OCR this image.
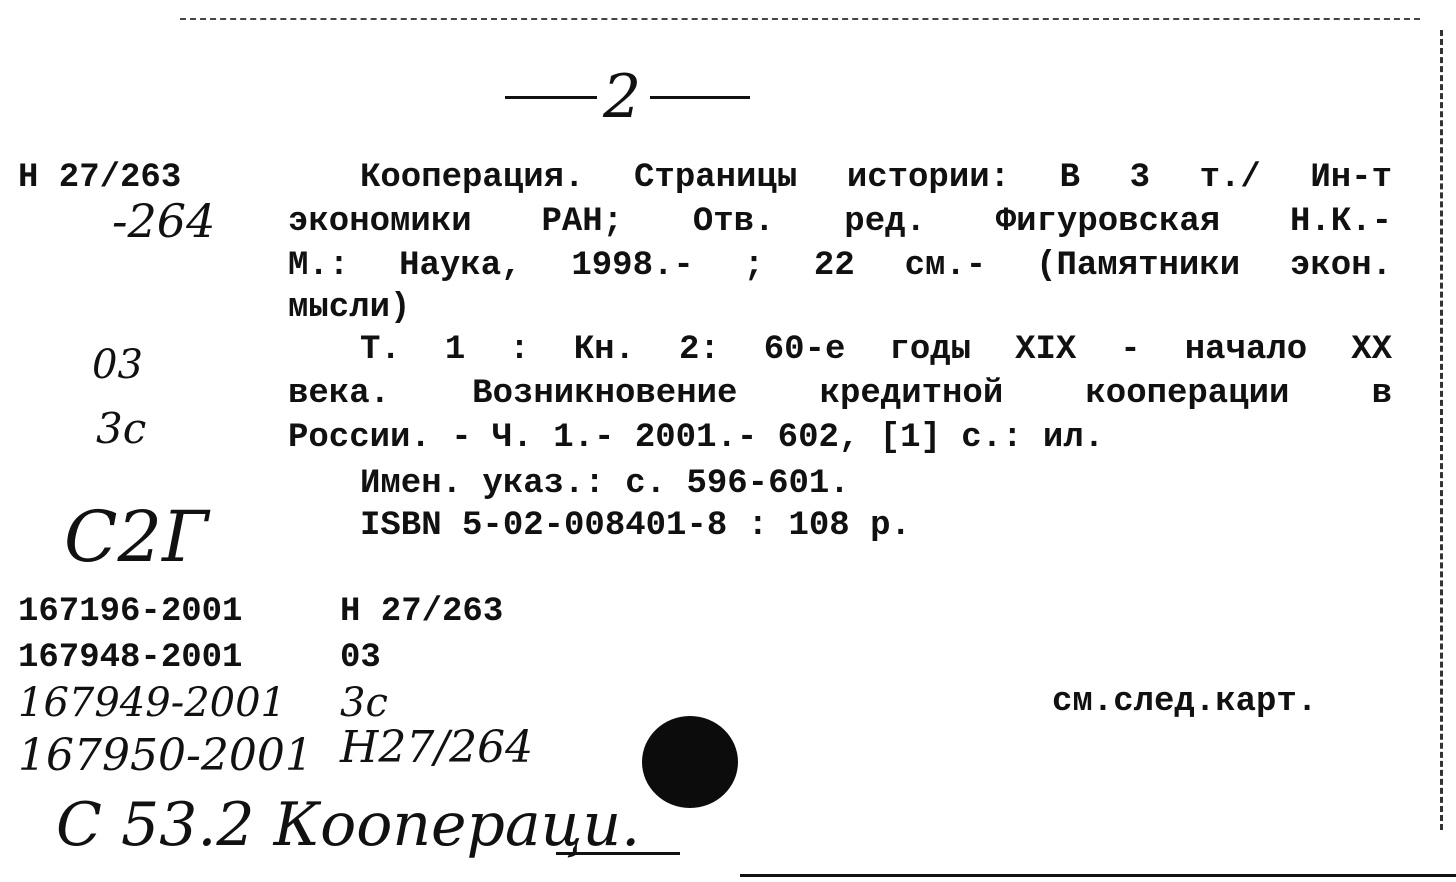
2
Н 27/263
-264
03
3с
С2Г
Кооперация. Страницы истории: В 3 т./ Ин-т
экономики РАН; Отв. ред. Фигуровская Н.К.-
М.: Наука, 1998.- ; 22 см.- (Памятники экон.
мысли)
Т. 1 : Кн. 2: 60-е годы XIX - начало XX
века. Возникновение кредитной кооперации в
России. - Ч. 1.- 2001.- 602, [1] с.: ил.
Имен. указ.: с. 596-601.
ISBN 5-02-008401-8 : 108 р.
167196-2001	Н 27/263
167948-2001	03
167949-2001 3с
167950-2001 Н27/264
см.след.карт.
С 53.2 Коопераци.
